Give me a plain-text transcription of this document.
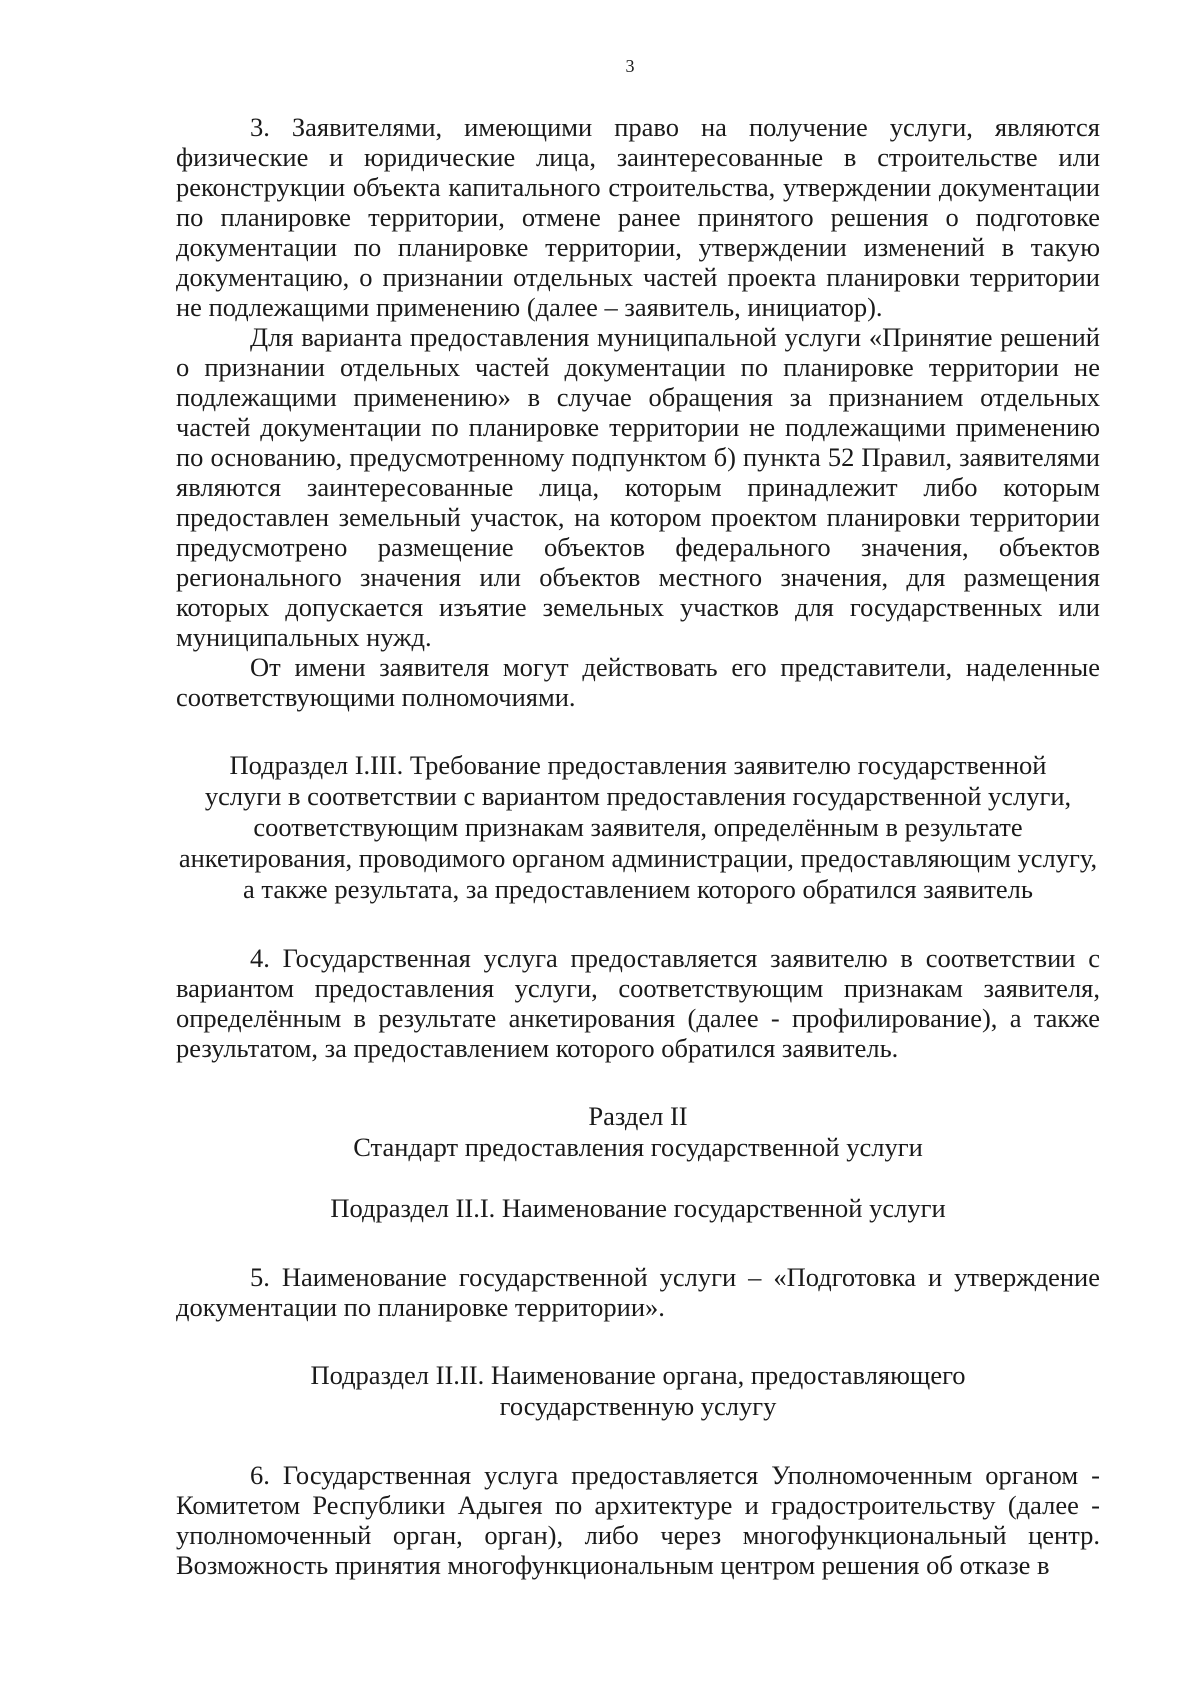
3

3. Заявителями, имеющими право на получение услуги, являются физические и юридические лица, заинтересованные в строительстве или реконструкции объекта капитального строительства, утверждении документации по планировке территории, отмене ранее принятого решения о подготовке документации по планировке территории, утверждении изменений в такую документацию, о признании отдельных частей проекта планировки территории не подлежащими применению (далее – заявитель, инициатор).

Для варианта предоставления муниципальной услуги «Принятие решений о признании отдельных частей документации по планировке территории не подлежащими применению» в случае обращения за признанием отдельных частей документации по планировке территории не подлежащими применению по основанию, предусмотренному подпунктом б) пункта 52 Правил, заявителями являются заинтересованные лица, которым принадлежит либо которым предоставлен земельный участок, на котором проектом планировки территории предусмотрено размещение объектов федерального значения, объектов регионального значения или объектов местного значения, для размещения которых допускается изъятие земельных участков для государственных или муниципальных нужд.

От имени заявителя могут действовать его представители, наделенные соответствующими полномочиями.

Подраздел I.III. Требование предоставления заявителю государственной
услуги в соответствии с вариантом предоставления государственной услуги,
соответствующим признакам заявителя, определённым в результате
анкетирования, проводимого органом администрации, предоставляющим услугу,
а также результата, за предоставлением которого обратился заявитель

4. Государственная услуга предоставляется заявителю в соответствии с вариантом предоставления услуги, соответствующим признакам заявителя, определённым в результате анкетирования (далее - профилирование), а также результатом, за предоставлением которого обратился заявитель.

Раздел II
Стандарт предоставления государственной услуги

Подраздел II.I. Наименование государственной услуги

5. Наименование государственной услуги – «Подготовка и утверждение документации по планировке территории».

Подраздел II.II. Наименование органа, предоставляющего
государственную услугу

6. Государственная услуга предоставляется Уполномоченным органом - Комитетом Республики Адыгея по архитектуре и градостроительству (далее - уполномоченный орган, орган), либо через многофункциональный центр. Возможность принятия многофункциональным центром решения об отказе в
